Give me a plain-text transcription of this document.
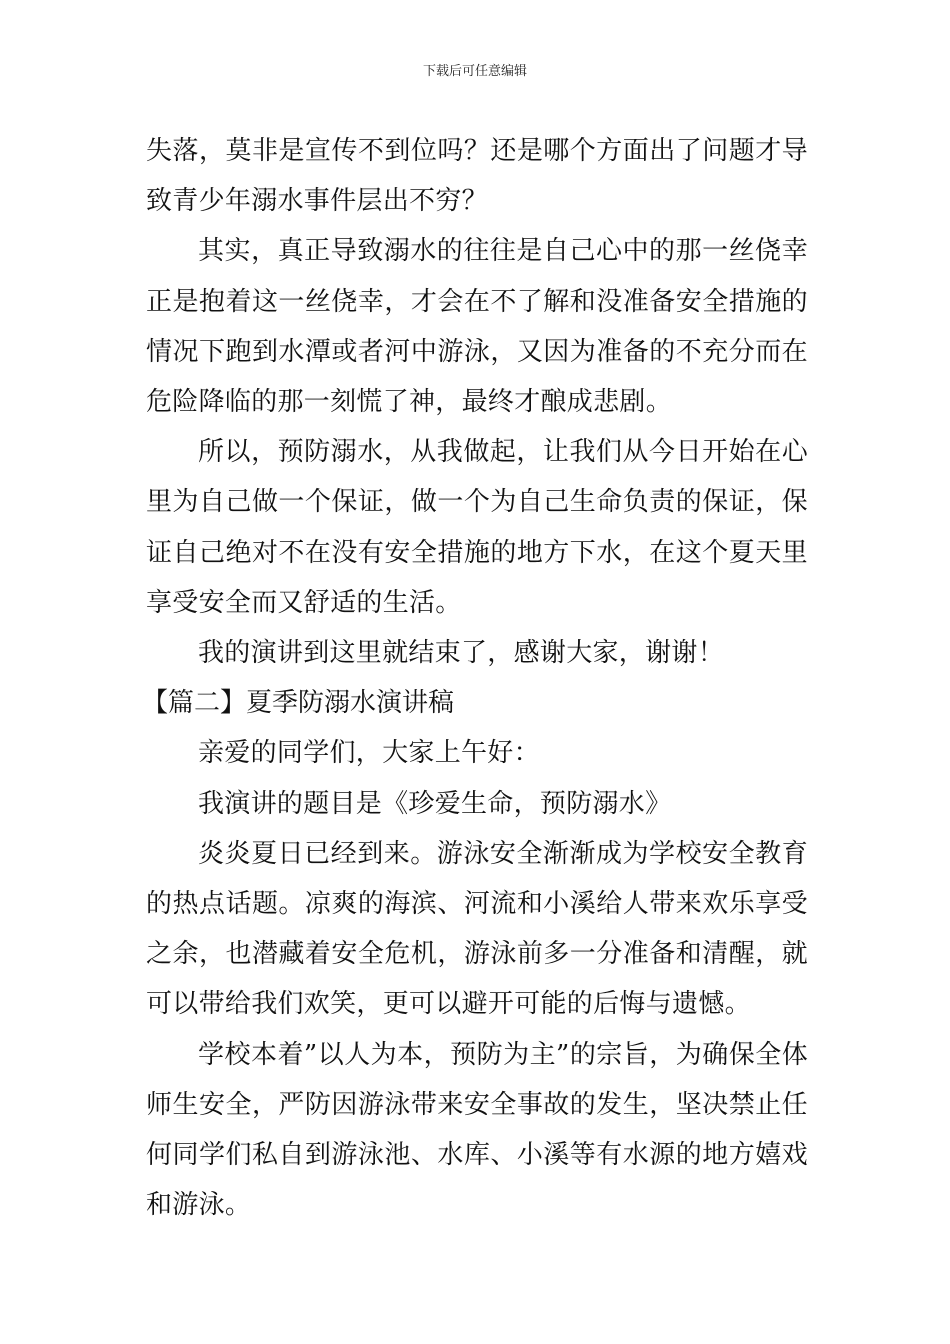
下载后可任意编辑

失落，莫非是宣传不到位吗？还是哪个方面出了问题才导致青少年溺水事件层出不穷？

其实，真正导致溺水的往往是自己心中的那一丝侥幸正是抱着这一丝侥幸，才会在不了解和没准备安全措施的情况下跑到水潭或者河中游泳，又因为准备的不充分而在危险降临的那一刻慌了神，最终才酿成悲剧。

所以，预防溺水，从我做起，让我们从今日开始在心里为自己做一个保证，做一个为自己生命负责的保证，保证自己绝对不在没有安全措施的地方下水，在这个夏天里享受安全而又舒适的生活。

我的演讲到这里就结束了，感谢大家，谢谢！

【篇二】夏季防溺水演讲稿

亲爱的同学们，大家上午好：

我演讲的题目是《珍爱生命，预防溺水》

炎炎夏日已经到来。游泳安全渐渐成为学校安全教育的热点话题。凉爽的海滨、河流和小溪给人带来欢乐享受之余，也潜藏着安全危机，游泳前多一分准备和清醒，就可以带给我们欢笑，更可以避开可能的后悔与遗憾。

学校本着”以人为本，预防为主”的宗旨，为确保全体师生安全，严防因游泳带来安全事故的发生，坚决禁止任何同学们私自到游泳池、水库、小溪等有水源的地方嬉戏和游泳。
